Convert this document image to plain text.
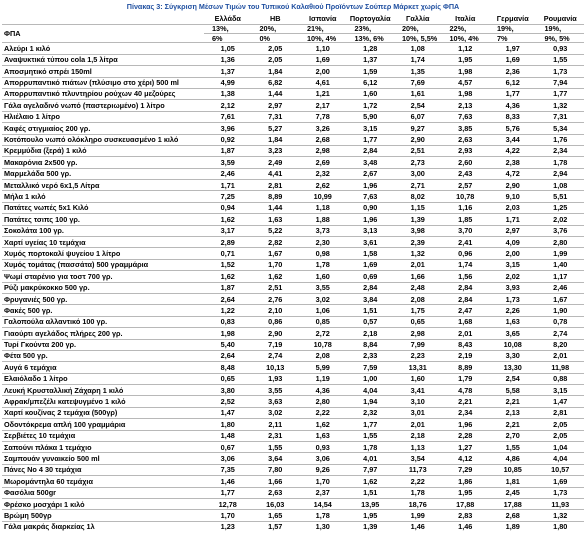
Πίνακας 3: Σύγκριση Μέσων Τιμών του Τυπικού Καλαθιού Προϊόντων Σούπερ Μάρκετ χωρίς ΦΠΑ
	Ελλάδα	ΗΒ	Ισπανία	Πορτογαλία	Γαλλία	Ιταλία	Γερμανία	Ρουμανία
ΦΠΑ	13%,	20%,	21%,	23%,	20%,	22%,	19%,	19%,
	6%	0%	10%, 4%	13%, 6%	10%, 5,5%	10%, 4%	7%	9%, 5%
Αλεύρι 1 κιλό	1,05	2,05	1,10	1,28	1,08	1,12	1,97	0,93
Αναψυκτικά τύπου cola 1,5 λίτρα	1,36	2,05	1,69	1,37	1,74	1,95	1,69	1,55
Αποσμητικό σπρέι 150ml	1,37	1,84	2,00	1,59	1,35	1,98	2,36	1,73
Απορρυπαντικό πιάτων (πλύσιμο στο χέρι) 500 ml	4,99	6,82	4,61	6,12	7,69	4,57	6,12	7,94
Απορρυπαντικό πλυντηρίου ρούχων 40 μεζούρες	1,38	1,44	1,21	1,60	1,61	1,98	1,77	1,77
Γάλα αγελαδινό νωπό (παστεριωμένο) 1 λίτρο	2,12	2,97	2,17	1,72	2,54	2,13	4,36	1,32
Ηλιέλαιο 1 λίτρο	7,61	7,31	7,78	5,90	6,07	7,63	8,33	7,31
Καφές στιγμιαίος 200 γρ.	3,96	5,27	3,26	3,15	9,27	3,85	5,76	5,34
Κοτόπουλο νωπό ολόκληρο συσκευασμένο 1 κιλό	0,92	1,84	2,68	1,77	2,90	2,63	3,44	1,76
Κρεμμύδια (ξερά) 1 κιλό	1,87	3,23	2,98	2,84	2,51	2,93	4,22	2,34
Μακαρόνια 2x500 γρ.	3,59	2,49	2,69	3,48	2,73	2,60	2,38	1,78
Μαρμελάδα 500 γρ.	2,46	4,41	2,32	2,67	3,00	2,43	4,72	2,94
Μεταλλικό νερό 6x1,5 Λίτρα	1,71	2,81	2,62	1,96	2,71	2,57	2,90	1,08
Μήλα 1 κιλό	7,25	8,89	10,99	7,63	8,02	10,78	9,10	5,51
Πατάτες νωπές 5x1 Κιλό	0,94	1,44	1,18	0,90	1,15	1,16	2,03	1,25
Πατάτες τσιπς 100 γρ.	1,62	1,63	1,88	1,96	1,39	1,85	1,71	2,02
Σοκολάτα 100 γρ.	3,17	5,22	3,73	3,13	3,98	3,70	2,97	3,76
Χαρτί υγείας 10 τεμάχια	2,89	2,82	2,30	3,61	2,39	2,41	4,09	2,80
Χυμός πορτοκαλί ψυγείου 1 λίτρο	0,71	1,67	0,98	1,58	1,32	0,96	2,00	1,99
Χυμός τομάτας (πασσάτα) 500 γραμμάρια	1,52	1,70	1,78	1,69	2,01	1,74	3,15	1,40
Ψωμί σταρένιο για τοστ 700 γρ.	1,62	1,62	1,60	0,69	1,66	1,56	2,02	1,17
Ρύζι μακρύκοκκο 500 γρ.	1,87	2,51	3,55	2,84	2,48	2,84	3,93	2,46
Φρυγανιές 500 γρ.	2,64	2,76	3,02	3,84	2,08	2,84	1,73	1,67
Φακές 500 γρ.	1,22	2,10	1,06	1,51	1,75	2,47	2,26	1,90
Γαλοπούλα αλλαντικό 100 γρ.	0,83	0,86	0,85	0,57	0,65	1,68	1,63	0,78
Γιαούρτι αγελάδος πλήρες 200 γρ.	1,98	2,90	2,72	2,18	2,98	2,01	3,65	2,74
Τυρί Γκούντα 200 γρ.	5,40	7,19	10,78	8,84	7,99	8,43	10,08	8,20
Φέτα 500 γρ.	2,64	2,74	2,08	2,33	2,23	2,19	3,30	2,01
Αυγά 6 τεμάχια	8,48	10,13	5,99	7,59	13,31	8,89	13,30	11,98
Ελαιόλαδο 1 λίτρο	0,65	1,93	1,19	1,00	1,60	1,79	2,54	0,88
Λευκή Κρυσταλλική Ζάχαρη 1 κιλό	3,80	3,55	4,36	4,04	3,41	4,78	5,58	3,15
Αφρακ/μπεζέλι κατεψυγμένο 1 κιλό	2,52	3,63	2,80	1,94	3,10	2,21	2,21	1,47
Χαρτί κουζίνας 2 τεμάχια (500γρ)	1,47	3,02	2,22	2,32	3,01	2,34	2,13	2,81
Οδοντόκρεμα απλή 100 γραμμάρια	1,80	2,11	1,62	1,77	2,01	1,96	2,21	2,05
Σερβιέτες 10 τεμάχια	1,48	2,31	1,63	1,55	2,18	2,28	2,70	2,05
Σαπούνι πλάκα 1 τεμάχιο	0,67	1,55	0,93	1,78	1,13	1,27	1,55	1,04
Σαμπουάν γυναικείο 500 ml	3,06	3,64	3,06	4,01	3,54	4,12	4,86	4,04
Πάνες Νο 4 30 τεμάχια	7,35	7,80	9,26	7,97	11,73	7,29	10,85	10,57
Μωρομάντηλα 60 τεμάχια	1,46	1,66	1,70	1,62	2,22	1,86	1,81	1,69
Φασόλια 500gr	1,77	2,63	2,37	1,51	1,78	1,95	2,45	1,73
Φρέσκο μοσχάρι 1 κιλό	12,78	16,03	14,54	13,95	18,76	17,88	17,88	11,93
Βρώμη 500γρ	1,70	1,65	1,78	1,95	1,99	2,83	2,68	1,32
Γάλα μακράς διαρκείας 1λ	1,23	1,57	1,30	1,39	1,46	1,46	1,89	1,80
